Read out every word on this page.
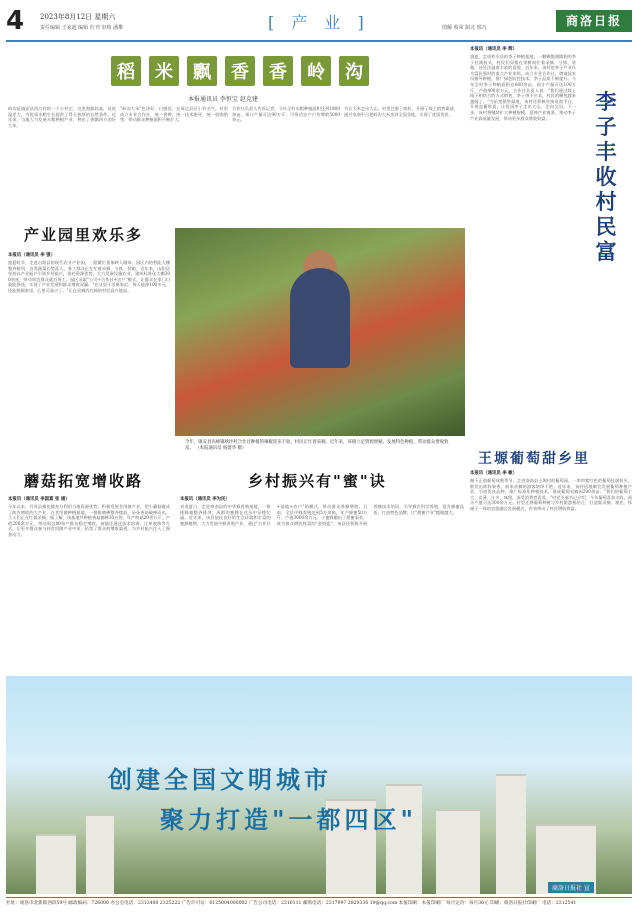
4 2023年8月12日 星期六
责任编辑 王家超 编辑 杜刊 审核 潘攀	[ 产 业 ]	图解 蔡荣 制北 邢凡	商洛日报
稻	米	飘	香	香	岭	沟
本报通讯员 李恒宝 赵克建
岭沟是镇安县西口村的一个小村庄，这里海拔较高，昼夜温差大，为优质水稻生长提供了得天独厚的自然条件。近年来，当地大力发展水稻种植产业，种出了香飘四方的好大米。
"岭沟大米"色泽好、口感佳，在周边县区小有名气。村里成立专业合作社，统一供种、统一技术指导，统一收购销售，带动群众种植面积不断扩大。
合作社负责人告诉记者，今年全村水稻种植面积达到1800余亩，预计产量可达90万斤，可带动农户户均增收5000余元。
为让大米走出大山，村里注册了商标，开通了线上销售渠道，通过电商平台把岭沟大米卖到全国各地，实现了优质优价。
产业园里欢乐多
本报讯（通讯员 李 强）
盛夏时节，走进山阳县的现代农业产业园，一派繁忙景象映入眼帘。园区内的智能大棚整齐排列，各类蔬菜长势喜人，务工群众正在忙着采摘、分拣、装箱。近年来，山阳县坚持以产业振兴引领乡村振兴，依托资源优势，大力发展设施农业，建成标准化大棚300余座，带动周边群众就近务工。园区采取"公司+合作社+农户"模式，让群众在家门口就能挣钱，实现了产业发展和群众增收双赢。"在这里干活离家近，每天能挣100多元，还能照顾家里，心里可高兴了。"正在采摘西红柿的村民高兴地说。
今年，镇安县高峰镇秋坪村合作社种植的辣椒迎来丰收，村民正忙着采摘。近年来，该镇立足资源禀赋，发展特色种植，带动群众增收致富。 （本报通讯员 杨建华 摄）
蘑菇拓宽增收路
本报讯（通讯员 李国富 张 涵）
今年以来，丹凤县棣花镇充分利用当地资源优势，积极发展食用菌产业，把小蘑菇做成了助农增收的大产业。在食用菌种植基地，一排排菌棒整齐摆放，朵朵香菇破棒而出，工人们正在忙着采摘。据了解，该基地共种植香菇菌棒30万袋，年产鲜菇20余万斤，产值200余万元，带动周边80余户群众稳定增收。该镇还通过技术培训、订单收购等方式，让更多群众参与到食用菌产业中来，拓宽了群众的增收渠道，为乡村振兴注入了强劲动力。
乡村振兴有"蜜"诀
本报讯（通讯员 李为民）
炎炎夏日，走进商南县的中华蜂养殖基地，一排排蜂箱整齐排列，成群的蜜蜂在花丛中穿梭忙碌。近年来，该县依托良好的生态环境和丰富的蜜源植物，大力发展中蜂养殖产业，通过"合作社+基地+农户"的模式，带动群众养蜂增收。目前，全县中蜂养殖达到5万余箱，年产蜂蜜50万斤，产值3000余万元。小蜜蜂酿出了甜蜜事业，成为群众增收致富的"金钥匙"。该县还积极开展养蜂技术培训，引导蜂农科学养殖，提升蜂蜜品质，打造特色品牌，让"甜蜜产业"越做越大。
本报讯（通讯员 李 辉）
盛夏，走进柞水县的李子种植基地，一颗颗饱满圆润的李子挂满枝头，村民们穿梭在果树间忙着采摘、分拣、装箱，处处洋溢着丰收的喜悦。近年来，该村把李子产业作为富民强村的重点产业来抓，成立专业合作社，聘请技术员指导种植，推广绿色防控技术，李子品质不断提升。今年全村李子种植面积达800余亩，预计产量可达100万斤，产值400余万元。合作社负责人说："我们通过线上线下相结合的方式销售，李子供不应求，村民的腰包越来越鼓了。"为拓宽销售渠道，该村还积极对接电商平台，开展直播带货，让优质李子走出大山，走向全国。下一步，该村将继续扩大种植规模，延伸产业链条，推动李子产业高质量发展，带动更多群众增收致富。
李
子
丰
收
村
民
富
王塬葡萄甜乡里
本报讯（通讯员 李 敏）
眼下正值葡萄成熟季节，走进洛南县王塬村的葡萄园，一串串紫红色的葡萄挂满枝头，散发出阵阵果香，前来采摘的游客络绎不绝。近年来，该村因地制宜发展葡萄种植产业，引进优良品种，推广标准化种植技术，建成葡萄采摘园200余亩。"我们的葡萄个大、皮薄、汁多、味甜，深受消费者喜爱。"村党支部书记介绍，今年葡萄喜获丰收，预计产值可达300余万元。村里还将葡萄种植与乡村旅游相结合，打造集采摘、观光、休闲于一体的农旅融合发展模式，有效带动了村民增收致富。
创建全国文明城市
聚力打造"一都四区"
商洛日报社 宣
社址：商洛市北新街西段59号 邮政编码：726000 办公室电话：2313480 2325222 广告许可证：6125004000002 广告公司电话：2316111 邮购电话：2317997 2829336 19@qq.com 本报印刷：本报印刷厂 每月定价：每月36元 印刷：商洛日报社印刷厂 电话：2312541
